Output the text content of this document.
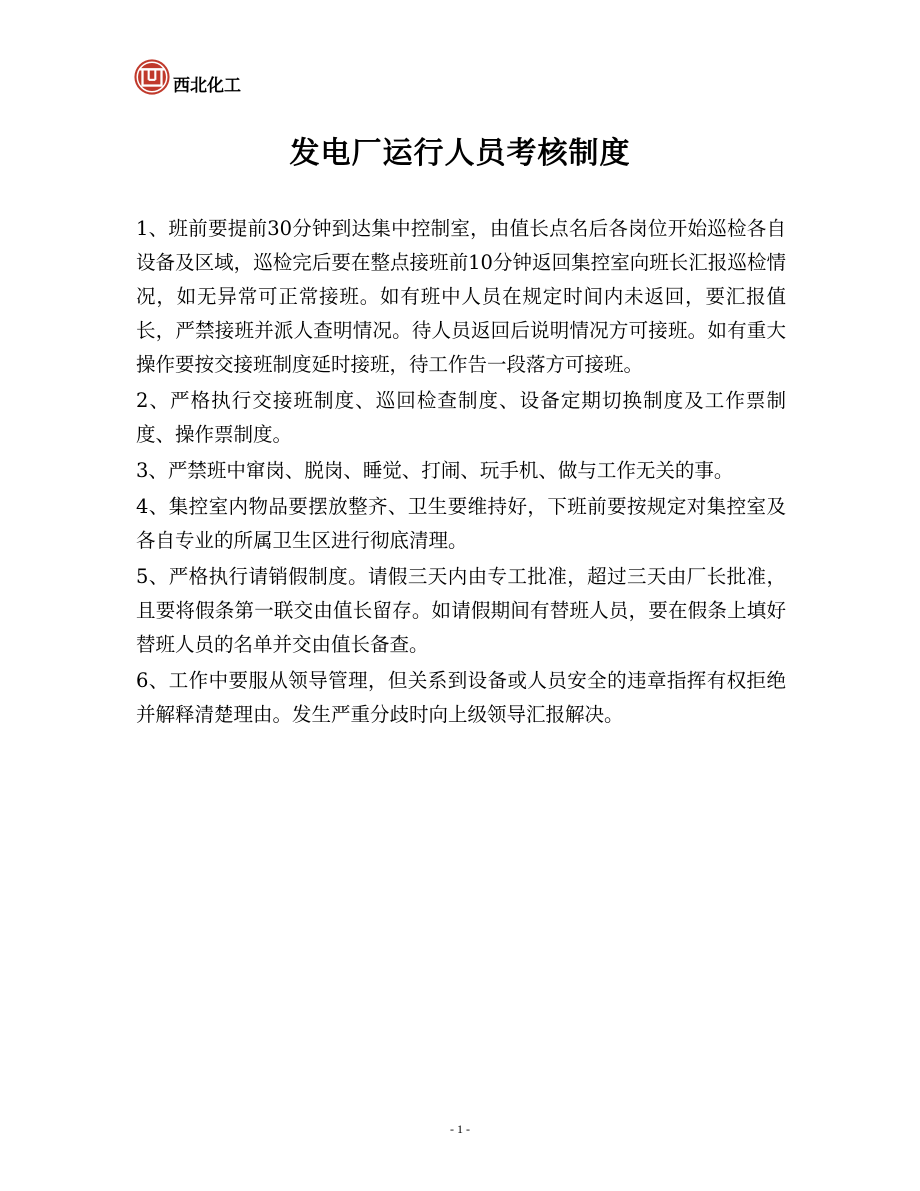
西北化工
发电厂运行人员考核制度

1、班前要提前30分钟到达集中控制室，由值长点名后各岗位开始巡检各自设备及区域，巡检完后要在整点接班前10分钟返回集控室向班长汇报巡检情况，如无异常可正常接班。如有班中人员在规定时间内未返回，要汇报值长，严禁接班并派人查明情况。待人员返回后说明情况方可接班。如有重大操作要按交接班制度延时接班，待工作告一段落方可接班。

2、严格执行交接班制度、巡回检查制度、设备定期切换制度及工作票制度、操作票制度。

3、严禁班中窜岗、脱岗、睡觉、打闹、玩手机、做与工作无关的事。

4、集控室内物品要摆放整齐、卫生要维持好，下班前要按规定对集控室及各自专业的所属卫生区进行彻底清理。

5、严格执行请销假制度。请假三天内由专工批准，超过三天由厂长批准，且要将假条第一联交由值长留存。如请假期间有替班人员，要在假条上填好替班人员的名单并交由值长备查。

6、工作中要服从领导管理，但关系到设备或人员安全的违章指挥有权拒绝并解释清楚理由。发生严重分歧时向上级领导汇报解决。

- 1 -
